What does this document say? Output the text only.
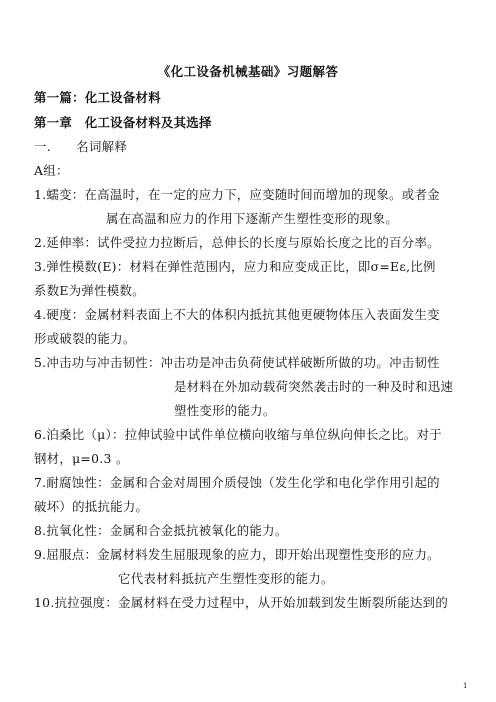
《化工设备机械基础》习题解答
第一篇：化工设备材料
第一章　化工设备材料及其选择
一.　　名词解释
A组：
1.蠕变：在高温时，在一定的应力下，应变随时间而增加的现象。或者金
属在高温和应力的作用下逐渐产生塑性变形的现象。
2.延伸率：试件受拉力拉断后，总伸长的长度与原始长度之比的百分率。
3.弹性模数(E)：材料在弹性范围内，应力和应变成正比，即σ=Eε,比例
系数E为弹性模数。
4.硬度：金属材料表面上不大的体积内抵抗其他更硬物体压入表面发生变
形或破裂的能力。
5.冲击功与冲击韧性：冲击功是冲击负荷使试样破断所做的功。冲击韧性
是材料在外加动载荷突然袭击时的一种及时和迅速
塑性变形的能力。
6.泊桑比（μ）：拉伸试验中试件单位横向收缩与单位纵向伸长之比。对于
钢材，μ=0.3 。
7.耐腐蚀性：金属和合金对周围介质侵蚀（发生化学和电化学作用引起的
破坏）的抵抗能力。
8.抗氧化性：金属和合金抵抗被氧化的能力。
9.屈服点：金属材料发生屈服现象的应力，即开始出现塑性变形的应力。
它代表材料抵抗产生塑性变形的能力。
10.抗拉强度：金属材料在受力过程中，从开始加载到发生断裂所能达到的
1
